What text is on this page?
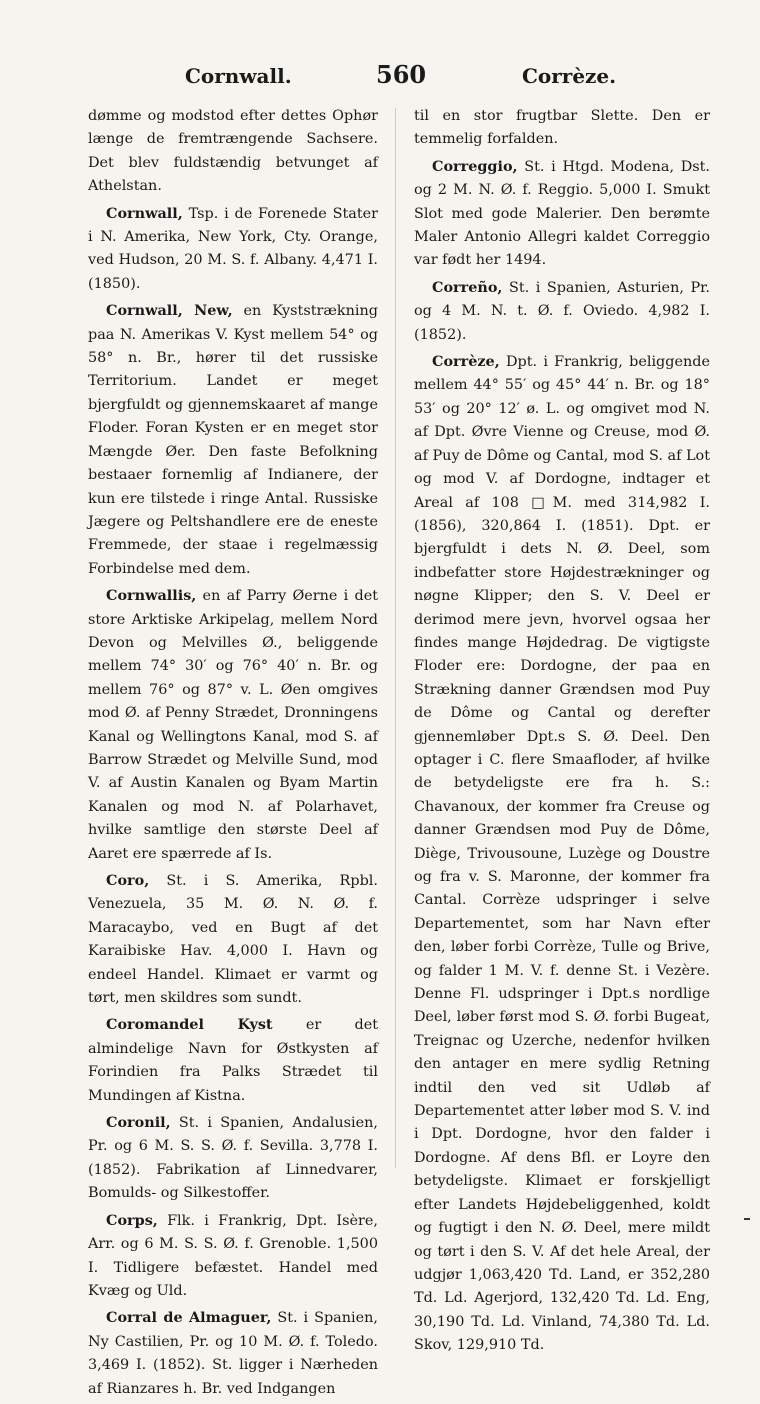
Cornwall.	560	Corrèze.

dømme og modstod efter dettes Ophør længe de fremtrængende Sachsere. Det blev fuldstændig betvunget af Athelstan.

Cornwall, Tsp. i de Forenede Stater i N. Amerika, New York, Cty. Orange, ved Hudson, 20 M. S. f. Albany. 4,471 I. (1850).

Cornwall, New, en Kyststrækning paa N. Amerikas V. Kyst mellem 54° og 58° n. Br., hører til det russiske Territorium. Landet er meget bjergfuldt og gjennemskaaret af mange Floder. Foran Kysten er en meget stor Mængde Øer. Den faste Befolkning bestaaer fornemlig af Indianere, der kun ere tilstede i ringe Antal. Russiske Jægere og Peltshandlere ere de eneste Fremmede, der staae i regelmæssig Forbindelse med dem.

Cornwallis, en af Parry Øerne i det store Arktiske Arkipelag, mellem Nord Devon og Melvilles Ø., beliggende mellem 74° 30′ og 76° 40′ n. Br. og mellem 76° og 87° v. L. Øen omgives mod Ø. af Penny Strædet, Dronningens Kanal og Wellingtons Kanal, mod S. af Barrow Strædet og Melville Sund, mod V. af Austin Kanalen og Byam Martin Kanalen og mod N. af Polarhavet, hvilke samtlige den største Deel af Aaret ere spærrede af Is.

Coro, St. i S. Amerika, Rpbl. Venezuela, 35 M. Ø. N. Ø. f. Maracaybo, ved en Bugt af det Karaibiske Hav. 4,000 I. Havn og endeel Handel. Klimaet er varmt og tørt, men skildres som sundt.

Coromandel Kyst er det almindelige Navn for Østkysten af Forindien fra Palks Strædet til Mundingen af Kistna.

Coronil, St. i Spanien, Andalusien, Pr. og 6 M. S. S. Ø. f. Sevilla. 3,778 I. (1852). Fabrikation af Linnedvarer, Bomulds- og Silkestoffer.

Corps, Flk. i Frankrig, Dpt. Isère, Arr. og 6 M. S. S. Ø. f. Grenoble. 1,500 I. Tidligere befæstet. Handel med Kvæg og Uld.

Corral de Almaguer, St. i Spanien, Ny Castilien, Pr. og 10 M. Ø. f. Toledo. 3,469 I. (1852). St. ligger i Nærheden af Rianzares h. Br. ved Indgangen

til en stor frugtbar Slette. Den er temmelig forfalden.

Correggio, St. i Htgd. Modena, Dst. og 2 M. N. Ø. f. Reggio. 5,000 I. Smukt Slot med gode Malerier. Den berømte Maler Antonio Allegri kaldet Correggio var født her 1494.

Correño, St. i Spanien, Asturien, Pr. og 4 M. N. t. Ø. f. Oviedo. 4,982 I. (1852).

Corrèze, Dpt. i Frankrig, beliggende mellem 44° 55′ og 45° 44′ n. Br. og 18° 53′ og 20° 12′ ø. L. og omgivet mod N. af Dpt. Øvre Vienne og Creuse, mod Ø. af Puy de Dôme og Cantal, mod S. af Lot og mod V. af Dordogne, indtager et Areal af 108 □M. med 314,982 I. (1856), 320,864 I. (1851). Dpt. er bjergfuldt i dets N. Ø. Deel, som indbefatter store Højdestrækninger og nøgne Klipper; den S. V. Deel er derimod mere jevn, hvorvel ogsaa her findes mange Højdedrag. De vigtigste Floder ere: Dordogne, der paa en Strækning danner Grændsen mod Puy de Dôme og Cantal og derefter gjennemløber Dpt.s S. Ø. Deel. Den optager i C. flere Smaafloder, af hvilke de betydeligste ere fra h. S.: Chavanoux, der kommer fra Creuse og danner Grændsen mod Puy de Dôme, Diège, Trivousoune, Luzège og Doustre og fra v. S. Maronne, der kommer fra Cantal. Corrèze udspringer i selve Departementet, som har Navn efter den, løber forbi Corrèze, Tulle og Brive, og falder 1 M. V. f. denne St. i Vezère. Denne Fl. udspringer i Dpt.s nordlige Deel, løber først mod S. Ø. forbi Bugeat, Treignac og Uzerche, nedenfor hvilken den antager en mere sydlig Retning indtil den ved sit Udløb af Departementet atter løber mod S. V. ind i Dpt. Dordogne, hvor den falder i Dordogne. Af dens Bfl. er Loyre den betydeligste. Klimaet er forskjelligt efter Landets Højdebeliggenhed, koldt og fugtigt i den N. Ø. Deel, mere mildt og tørt i den S. V. Af det hele Areal, der udgjør 1,063,420 Td. Land, er 352,280 Td. Ld. Agerjord, 132,420 Td. Ld. Eng, 30,190 Td. Ld. Vinland, 74,380 Td. Ld. Skov, 129,910 Td.
